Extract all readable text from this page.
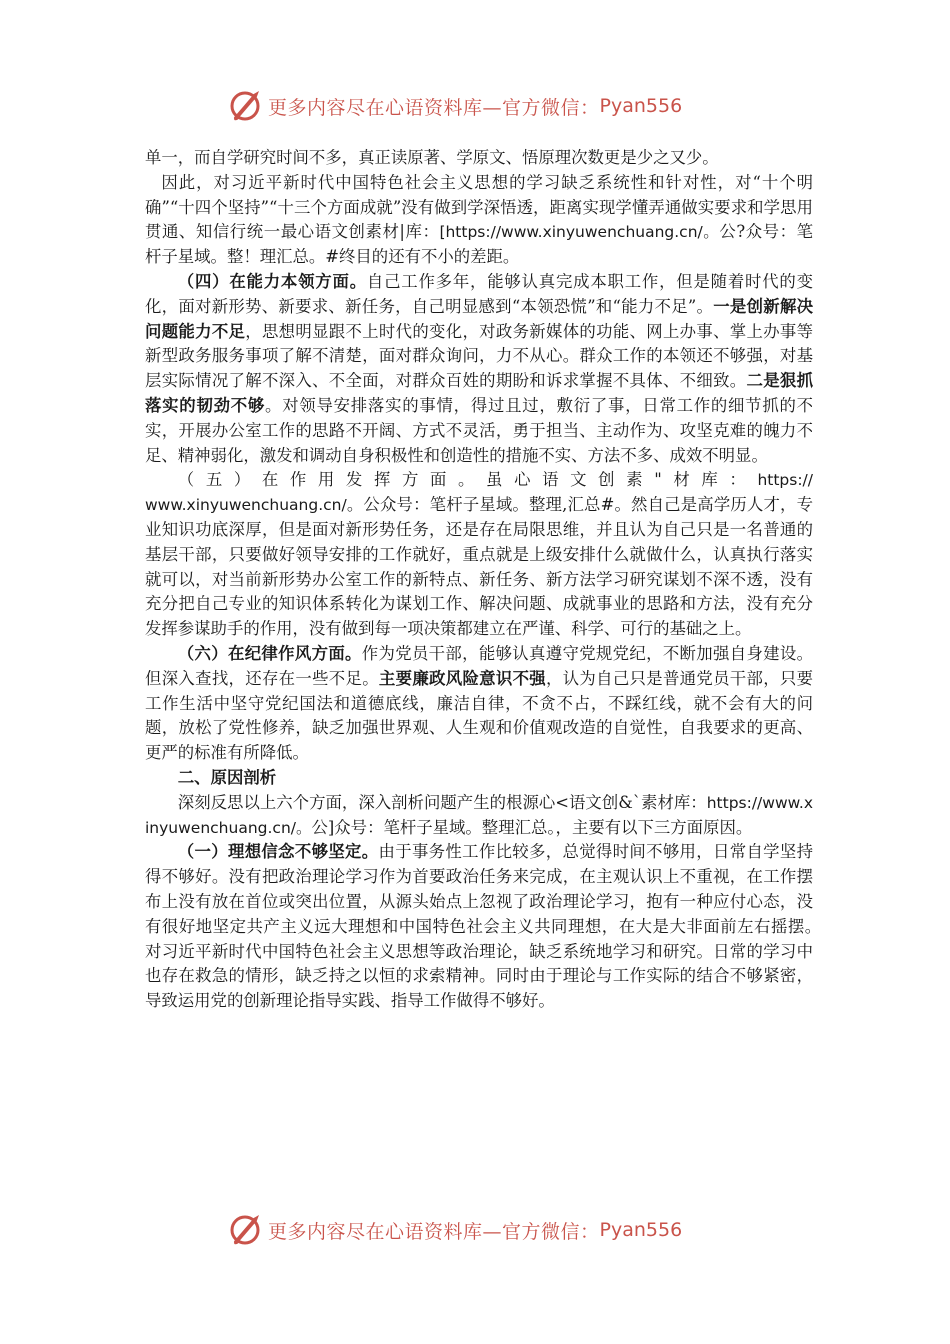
更多内容尽在心语资料库—官方微信： Pyan556

单一，而自学研究时间不多，真正读原著、学原文、悟原理次数更是少之又少。

因此，对习近平新时代中国特色社会主义思想的学习缺乏系统性和针对性，对“十个明确”“十四个坚持”“十三个方面成就”没有做到学深悟透，距离实现学懂弄通做实要求和学思用贯通、知信行统一最心语文创素材|库：[https://www.xinyuwenchuang.cn/。公?众号：笔杆子星域。整！理汇总。#终目的还有不小的差距。

（四）在能力本领方面。自己工作多年，能够认真完成本职工作，但是随着时代的变化，面对新形势、新要求、新任务，自己明显感到“本领恐慌”和“能力不足”。一是创新解决问题能力不足，思想明显跟不上时代的变化，对政务新媒体的功能、网上办事、掌上办事等新型政务服务事项了解不清楚，面对群众询问，力不从心。群众工作的本领还不够强，对基层实际情况了解不深入、不全面，对群众百姓的期盼和诉求掌握不具体、不细致。二是狠抓落实的韧劲不够。对领导安排落实的事情，得过且过，敷衍了事，日常工作的细节抓的不实，开展办公室工作的思路不开阔、方式不灵活，勇于担当、主动作为、攻坚克难的魄力不足、精神弱化，激发和调动自身积极性和创造性的措施不实、方法不多、成效不明显。

（五）在作用发挥方面。虽心语文创素"材库：https://

www.xinyuwenchuang.cn/。公众号：笔杆子星域。整理,汇总#。然自己是高学历人才，专业知识功底深厚，但是面对新形势任务，还是存在局限思维，并且认为自己只是一名普通的基层干部，只要做好领导安排的工作就好，重点就是上级安排什么就做什么，认真执行落实就可以，对当前新形势办公室工作的新特点、新任务、新方法学习研究谋划不深不透，没有充分把自己专业的知识体系转化为谋划工作、解决问题、成就事业的思路和方法，没有充分发挥参谋助手的作用，没有做到每一项决策都建立在严谨、科学、可行的基础之上。

（六）在纪律作风方面。作为党员干部，能够认真遵守党规党纪，不断加强自身建设。但深入查找，还存在一些不足。主要廉政风险意识不强，认为自己只是普通党员干部，只要工作生活中坚守党纪国法和道德底线，廉洁自律，不贪不占，不踩红线，就不会有大的问题，放松了党性修养，缺乏加强世界观、人生观和价值观改造的自觉性，自我要求的更高、更严的标准有所降低。

二、原因剖析

深刻反思以上六个方面，深入剖析问题产生的根源心<语文创&`素材库：https://www.xinyuwenchuang.cn/。公]众号：笔杆子星域。整理汇总。，主要有以下三方面原因。

（一）理想信念不够坚定。由于事务性工作比较多，总觉得时间不够用，日常自学坚持得不够好。没有把政治理论学习作为首要政治任务来完成，在主观认识上不重视，在工作摆布上没有放在首位或突出位置，从源头始点上忽视了政治理论学习，抱有一种应付心态，没有很好地坚定共产主义远大理想和中国特色社会主义共同理想，在大是大非面前左右摇摆。　对习近平新时代中国特色社会主义思想等政治理论，缺乏系统地学习和研究。日常的学习中也存在救急的情形，缺乏持之以恒的求索精神。同时由于理论与工作实际的结合不够紧密，导致运用党的创新理论指导实践、指导工作做得不够好。

更多内容尽在心语资料库—官方微信： Pyan556
